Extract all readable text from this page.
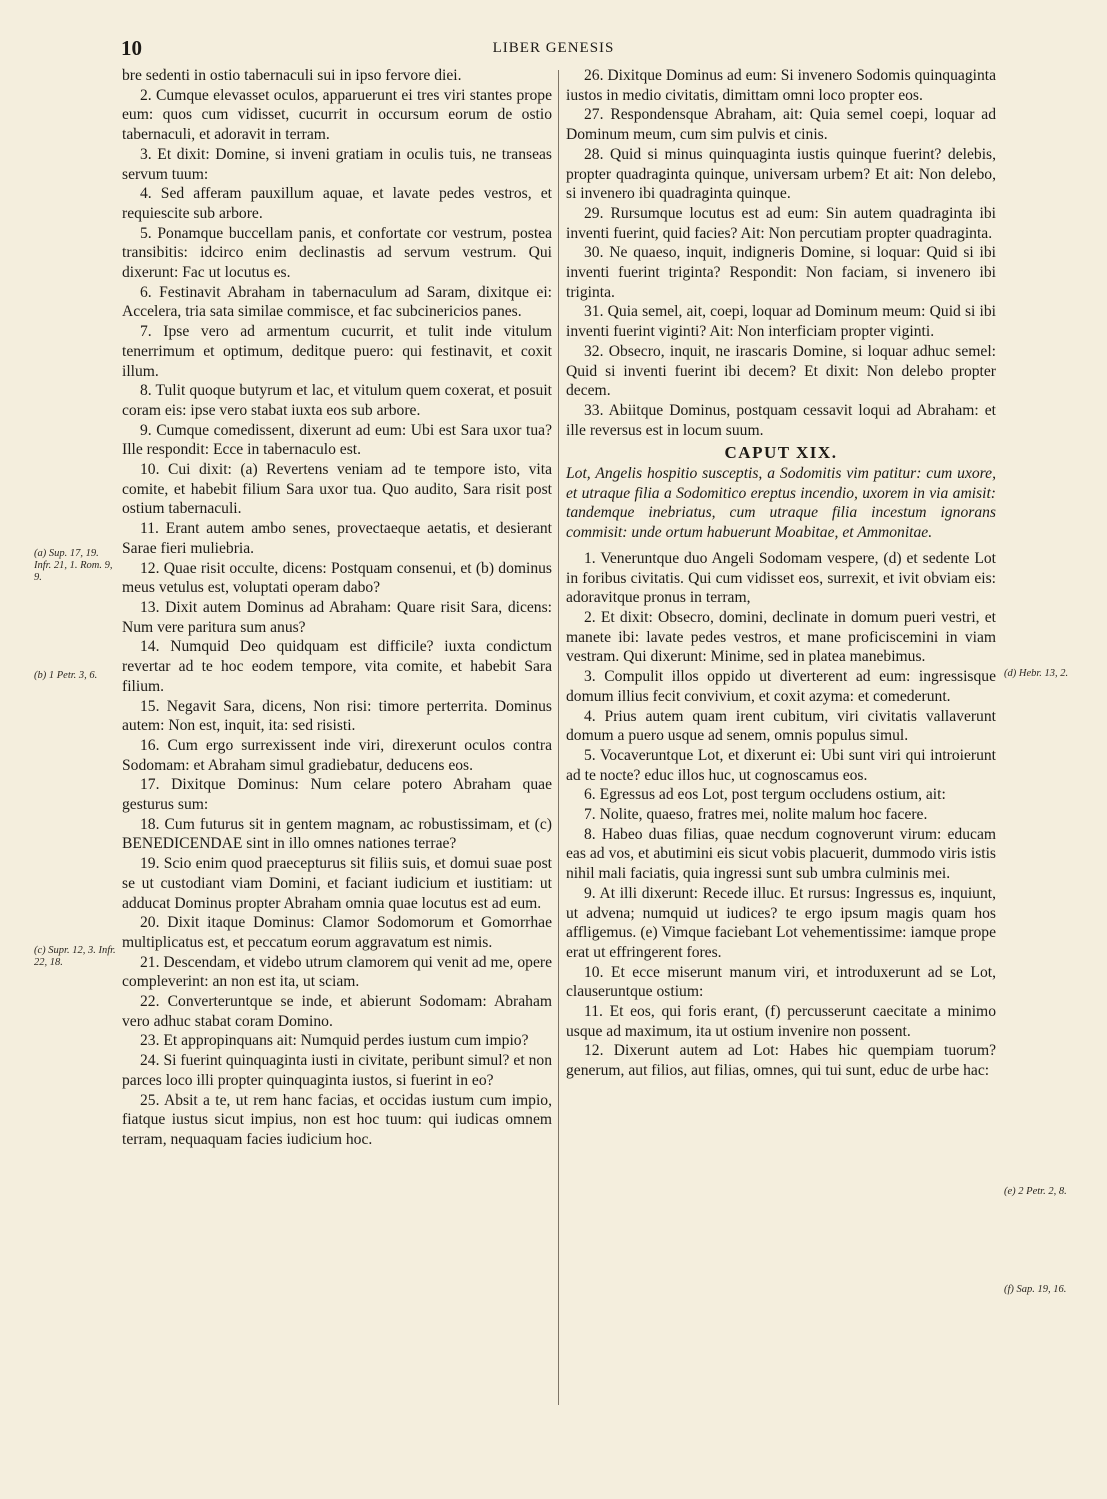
10	LIBER GENESIS

bre sedenti in ostio tabernaculi sui in ipso fervore diei.

2. Cumque elevasset oculos, apparuerunt ei tres viri stantes prope eum: quos cum vidisset, cucurrit in occursum eorum de ostio tabernaculi, et adoravit in terram.

3. Et dixit: Domine, si inveni gratiam in oculis tuis, ne transeas servum tuum:

4. Sed afferam pauxillum aquae, et lavate pedes vestros, et requiescite sub arbore.

5. Ponamque buccellam panis, et confortate cor vestrum, postea transibitis: idcirco enim declinastis ad servum vestrum. Qui dixerunt: Fac ut locutus es.

6. Festinavit Abraham in tabernaculum ad Saram, dixitque ei: Accelera, tria sata similae commisce, et fac subcinericios panes.

7. Ipse vero ad armentum cucurrit, et tulit inde vitulum tenerrimum et optimum, deditque puero: qui festinavit, et coxit illum.

8. Tulit quoque butyrum et lac, et vitulum quem coxerat, et posuit coram eis: ipse vero stabat iuxta eos sub arbore.

9. Cumque comedissent, dixerunt ad eum: Ubi est Sara uxor tua? Ille respondit: Ecce in tabernaculo est.

10. Cui dixit: (a) Revertens veniam ad te tempore isto, vita comite, et habebit filium Sara uxor tua. Quo audito, Sara risit post ostium tabernaculi.

11. Erant autem ambo senes, provectaeque aetatis, et desierant Sarae fieri muliebria.

12. Quae risit occulte, dicens: Postquam consenui, et (b) dominus meus vetulus est, voluptati operam dabo?

13. Dixit autem Dominus ad Abraham: Quare risit Sara, dicens: Num vere paritura sum anus?

14. Numquid Deo quidquam est difficile? iuxta condictum revertar ad te hoc eodem tempore, vita comite, et habebit Sara filium.

15. Negavit Sara, dicens, Non risi: timore perterrita. Dominus autem: Non est, inquit, ita: sed risisti.

16. Cum ergo surrexissent inde viri, direxerunt oculos contra Sodomam: et Abraham simul gradiebatur, deducens eos.

17. Dixitque Dominus: Num celare potero Abraham quae gesturus sum:

18. Cum futurus sit in gentem magnam, ac robustissimam, et (c) BENEDICENDAE sint in illo omnes nationes terrae?

19. Scio enim quod praecepturus sit filiis suis, et domui suae post se ut custodiant viam Domini, et faciant iudicium et iustitiam: ut adducat Dominus propter Abraham omnia quae locutus est ad eum.

20. Dixit itaque Dominus: Clamor Sodomorum et Gomorrhae multiplicatus est, et peccatum eorum aggravatum est nimis.

21. Descendam, et videbo utrum clamorem qui venit ad me, opere compleverint: an non est ita, ut sciam.

22. Converteruntque se inde, et abierunt Sodomam: Abraham vero adhuc stabat coram Domino.

23. Et appropinquans ait: Numquid perdes iustum cum impio?

24. Si fuerint quinquaginta iusti in civitate, peribunt simul? et non parces loco illi propter quinquaginta iustos, si fuerint in eo?

25. Absit a te, ut rem hanc facias, et occidas iustum cum impio, fiatque iustus sicut impius, non est hoc tuum: qui iudicas omnem terram, nequaquam facies iudicium hoc.

26. Dixitque Dominus ad eum: Si invenero Sodomis quinquaginta iustos in medio civitatis, dimittam omni loco propter eos.

27. Respondensque Abraham, ait: Quia semel coepi, loquar ad Dominum meum, cum sim pulvis et cinis.

28. Quid si minus quinquaginta iustis quinque fuerint? delebis, propter quadraginta quinque, universam urbem? Et ait: Non delebo, si invenero ibi quadraginta quinque.

29. Rursumque locutus est ad eum: Sin autem quadraginta ibi inventi fuerint, quid facies? Ait: Non percutiam propter quadraginta.

30. Ne quaeso, inquit, indigneris Domine, si loquar: Quid si ibi inventi fuerint triginta? Respondit: Non faciam, si invenero ibi triginta.

31. Quia semel, ait, coepi, loquar ad Dominum meum: Quid si ibi inventi fuerint viginti? Ait: Non interficiam propter viginti.

32. Obsecro, inquit, ne irascaris Domine, si loquar adhuc semel: Quid si inventi fuerint ibi decem? Et dixit: Non delebo propter decem.

33. Abiitque Dominus, postquam cessavit loqui ad Abraham: et ille reversus est in locum suum.

CAPUT XIX.
Lot, Angelis hospitio susceptis, a Sodomitis vim patitur: cum uxore, et utraque filia a Sodomitico ereptus incendio, uxorem in via amisit: tandemque inebriatus, cum utraque filia incestum ignorans commisit: unde ortum habuerunt Moabitae, et Ammonitae.

1. Veneruntque duo Angeli Sodomam vespere, (d) et sedente Lot in foribus civitatis. Qui cum vidisset eos, surrexit, et ivit obviam eis: adoravitque pronus in terram,

2. Et dixit: Obsecro, domini, declinate in domum pueri vestri, et manete ibi: lavate pedes vestros, et mane proficiscemini in viam vestram. Qui dixerunt: Minime, sed in platea manebimus.

3. Compulit illos oppido ut diverterent ad eum: ingressisque domum illius fecit convivium, et coxit azyma: et comederunt.

4. Prius autem quam irent cubitum, viri civitatis vallaverunt domum a puero usque ad senem, omnis populus simul.

5. Vocaveruntque Lot, et dixerunt ei: Ubi sunt viri qui introierunt ad te nocte? educ illos huc, ut cognoscamus eos.

6. Egressus ad eos Lot, post tergum occludens ostium, ait:

7. Nolite, quaeso, fratres mei, nolite malum hoc facere.

8. Habeo duas filias, quae necdum cognoverunt virum: educam eas ad vos, et abutimini eis sicut vobis placuerit, dummodo viris istis nihil mali faciatis, quia ingressi sunt sub umbra culminis mei.

9. At illi dixerunt: Recede illuc. Et rursus: Ingressus es, inquiunt, ut advena; numquid ut iudices? te ergo ipsum magis quam hos affligemus. (e) Vimque faciebant Lot vehementissime: iamque prope erat ut effringerent fores.

10. Et ecce miserunt manum viri, et introduxerunt ad se Lot, clauseruntque ostium:

11. Et eos, qui foris erant, (f) percusserunt caecitate a minimo usque ad maximum, ita ut ostium invenire non possent.

12. Dixerunt autem ad Lot: Habes hic quempiam tuorum? generum, aut filios, aut filias, omnes, qui tui sunt, educ de urbe hac:

(a) Sup. 17, 19. Infr. 21, 1. Rom. 9, 9.
(b) 1 Petr. 3, 6.
(c) Supr. 12, 3. Infr. 22, 18.
(d) Hebr. 13, 2.
(e) 2 Petr. 2, 8.
(f) Sap. 19, 16.
